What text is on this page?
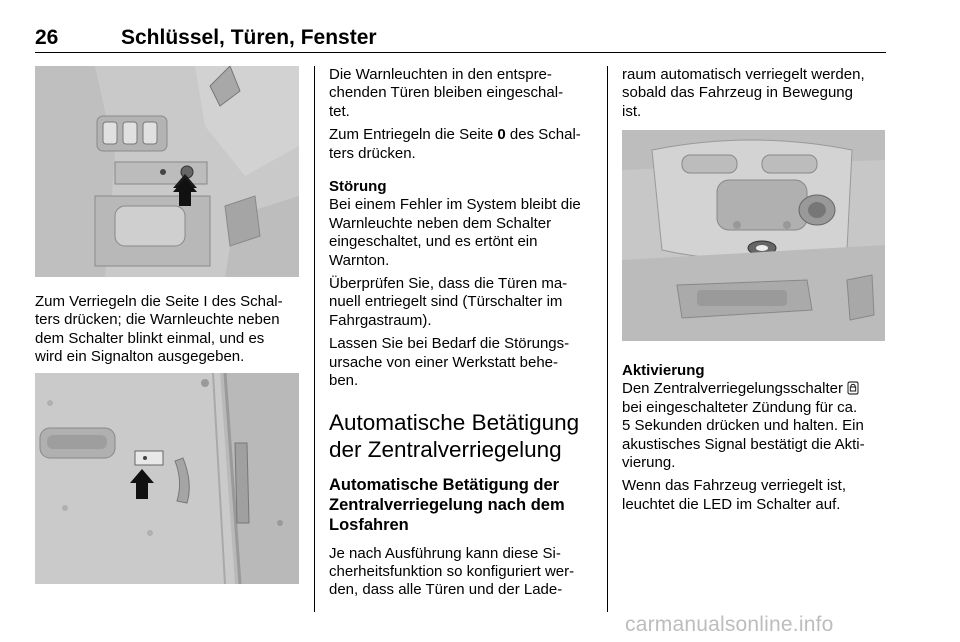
26	Schlüssel, Türen, Fenster

Zum Verriegeln die Seite I des Schal-

ters drücken; die Warnleuchte neben

dem Schalter blinkt einmal, und es

wird ein Signalton ausgegeben.

Die Warnleuchten in den entspre-
chenden Türen bleiben eingeschal-
tet.

Zum Entriegeln die Seite 0 des Schal-
ters drücken.

Störung

Bei einem Fehler im System bleibt die
Warnleuchte neben dem Schalter
eingeschaltet, und es ertönt ein
Warnton.

Überprüfen Sie, dass die Türen ma-
nuell entriegelt sind (Türschalter im
Fahrgastraum).

Lassen Sie bei Bedarf die Störungs-
ursache von einer Werkstatt behe-
ben.

Automatische Betätigung
der Zentralverriegelung

Automatische Betätigung der
Zentralverriegelung nach dem
Losfahren

Je nach Ausführung kann diese Si-
cherheitsfunktion so konfiguriert wer-
den, dass alle Türen und der Lade-

raum automatisch verriegelt werden,
sobald das Fahrzeug in Bewegung
ist.

Aktivierung

Den Zentralverriegelungsschalter
bei eingeschalteter Zündung für ca.
5 Sekunden drücken und halten. Ein
akustisches Signal bestätigt die Akti-
vierung.

Wenn das Fahrzeug verriegelt ist,
leuchtet die LED im Schalter auf.

carmanualsonline.info
